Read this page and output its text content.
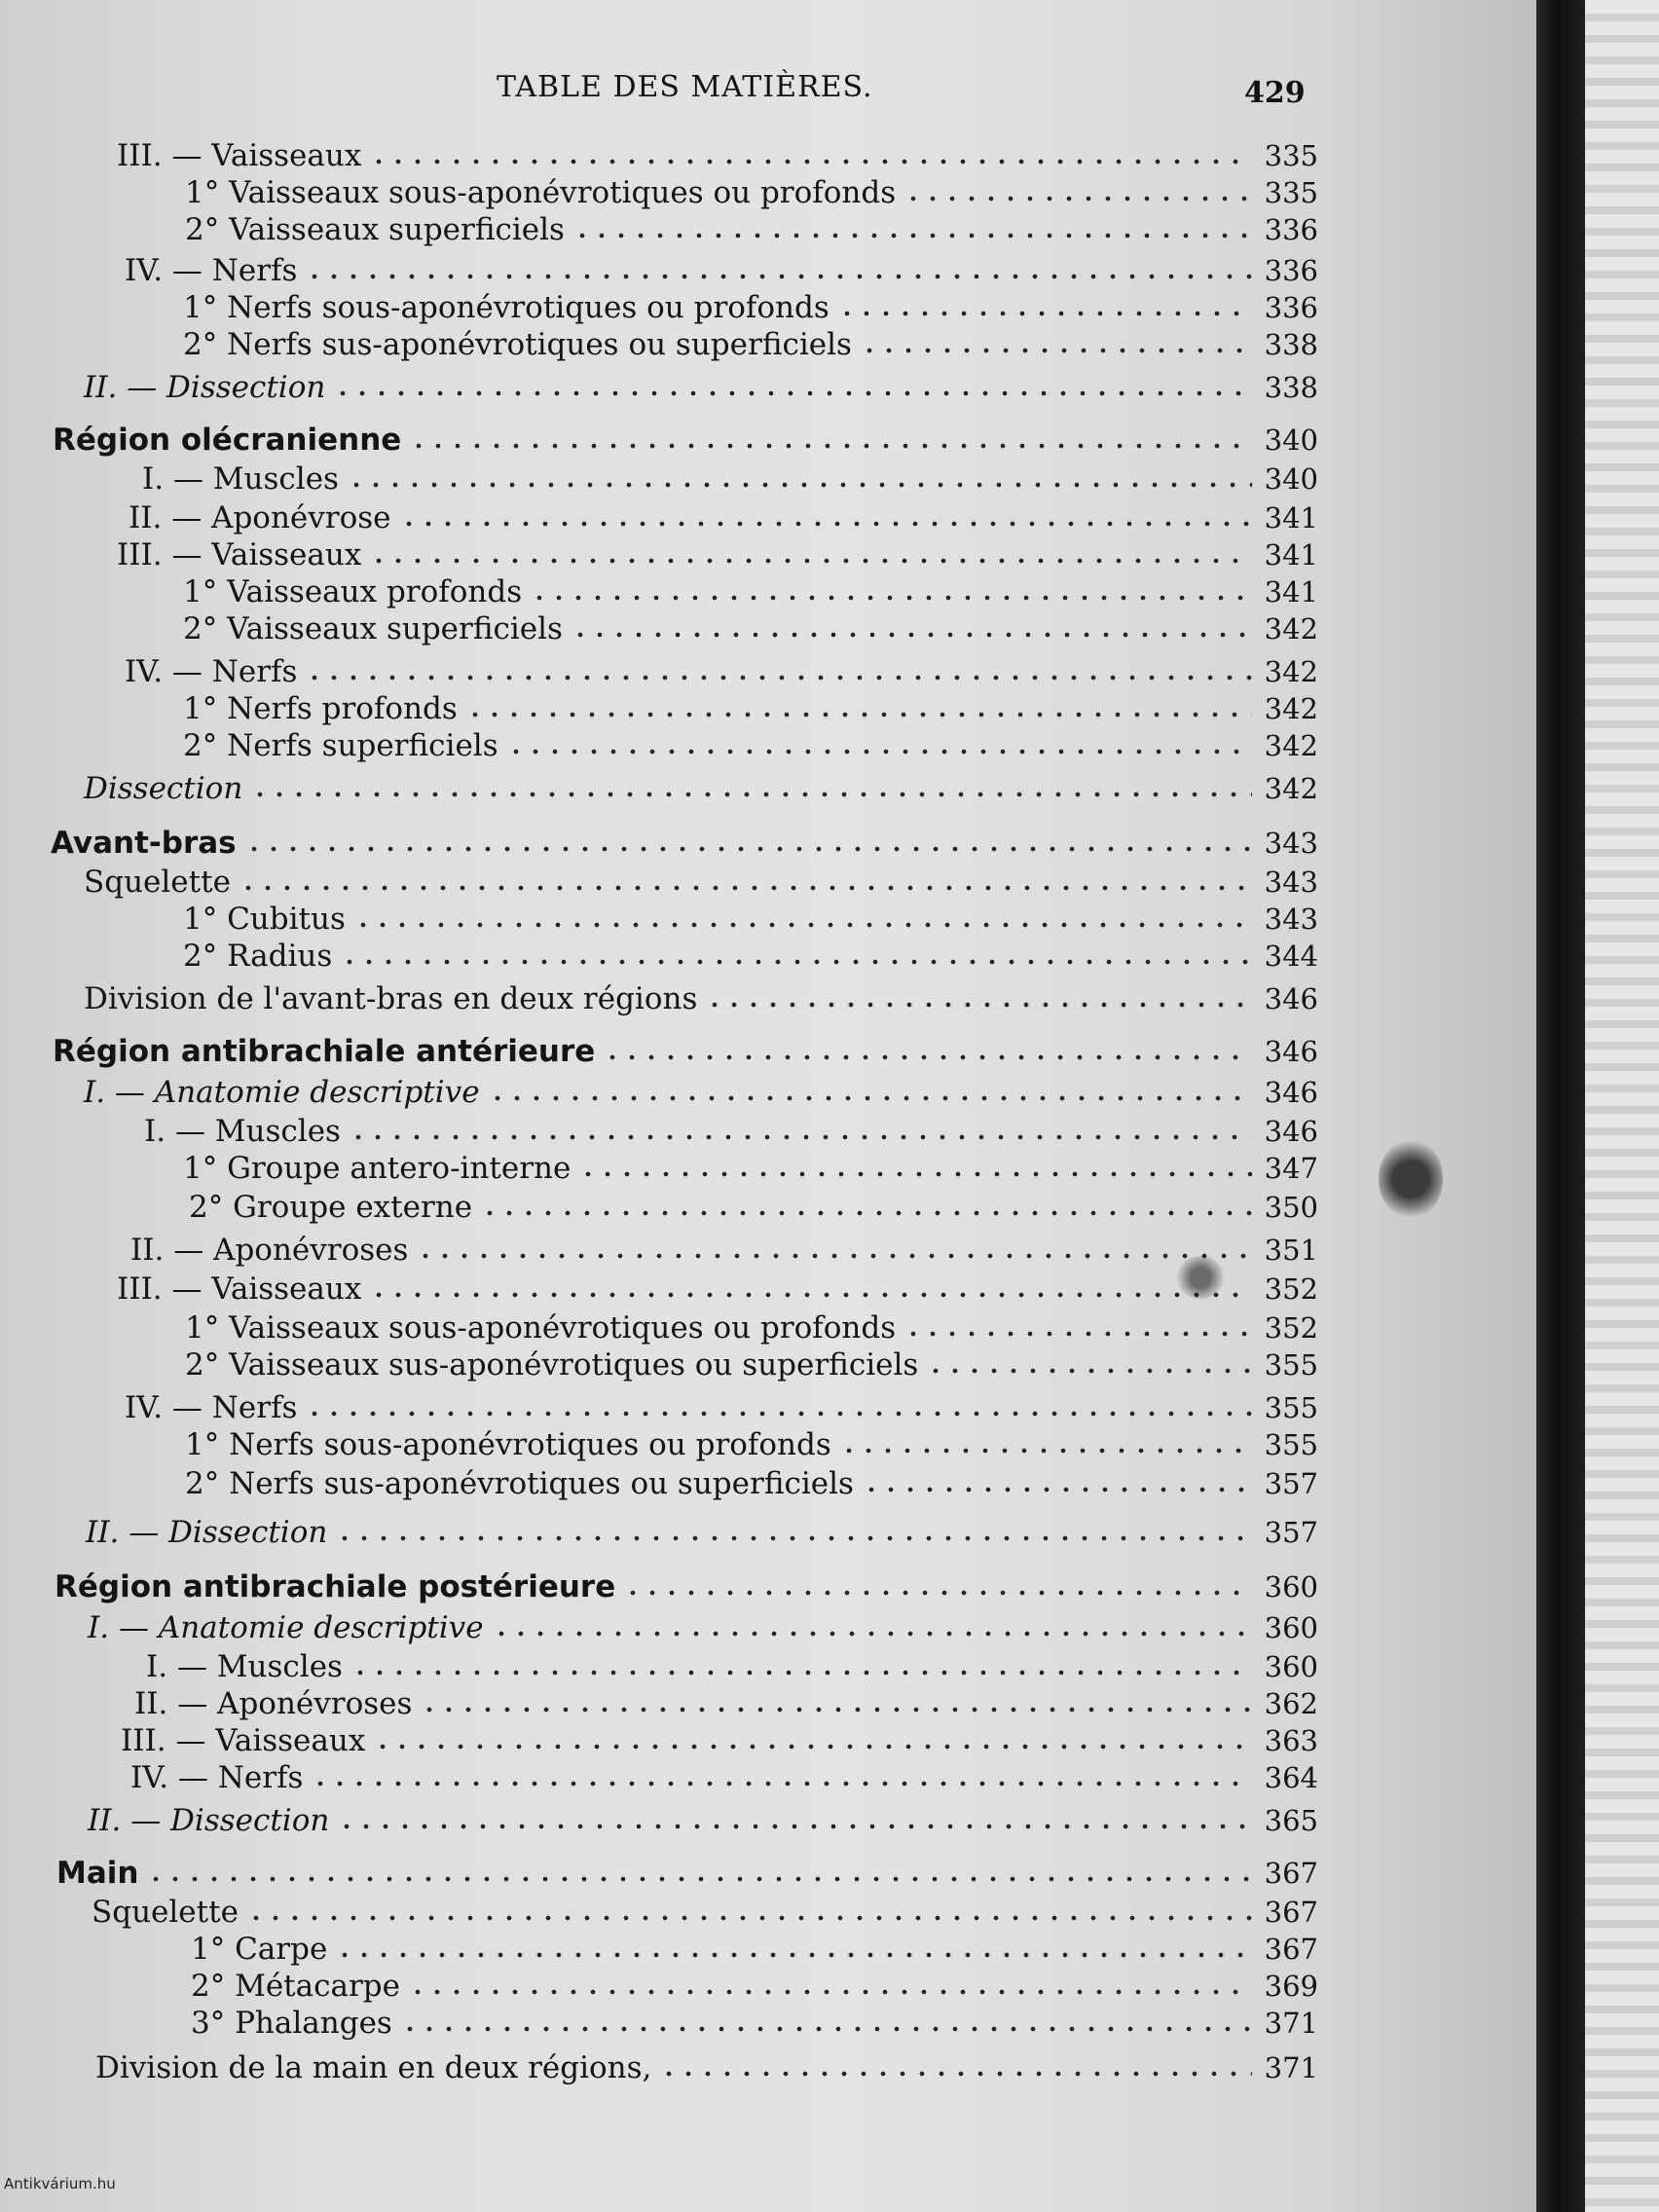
TABLE DES MATIÈRES.	429
III. — Vaisseaux	335
1° Vaisseaux sous-aponévrotiques ou profonds	335
2° Vaisseaux superficiels	336
IV. — Nerfs	336
1° Nerfs sous-aponévrotiques ou profonds	336
2° Nerfs sus-aponévrotiques ou superficiels	338
II. — Dissection	338
Région olécranienne	340
I. — Muscles	340
II. — Aponévrose	341
III. — Vaisseaux	341
1° Vaisseaux profonds	341
2° Vaisseaux superficiels	342
IV. — Nerfs	342
1° Nerfs profonds	342
2° Nerfs superficiels	342
Dissection	342
Avant-bras	343
Squelette	343
1° Cubitus	343
2° Radius	344
Division de l'avant-bras en deux régions	346
Région antibrachiale antérieure	346
I. — Anatomie descriptive	346
I. — Muscles	346
1° Groupe antero-interne	347
2° Groupe externe	350
II. — Aponévroses	351
III. — Vaisseaux	352
1° Vaisseaux sous-aponévrotiques ou profonds	352
2° Vaisseaux sus-aponévrotiques ou superficiels	355
IV. — Nerfs	355
1° Nerfs sous-aponévrotiques ou profonds	355
2° Nerfs sus-aponévrotiques ou superficiels	357
II. — Dissection	357
Région antibrachiale postérieure	360
I. — Anatomie descriptive	360
I. — Muscles	360
II. — Aponévroses	362
III. — Vaisseaux	363
IV. — Nerfs	364
II. — Dissection	365
Main	367
Squelette	367
1° Carpe	367
2° Métacarpe	369
3° Phalanges	371
Division de la main en deux régions,	371
Antikvárium.hu
